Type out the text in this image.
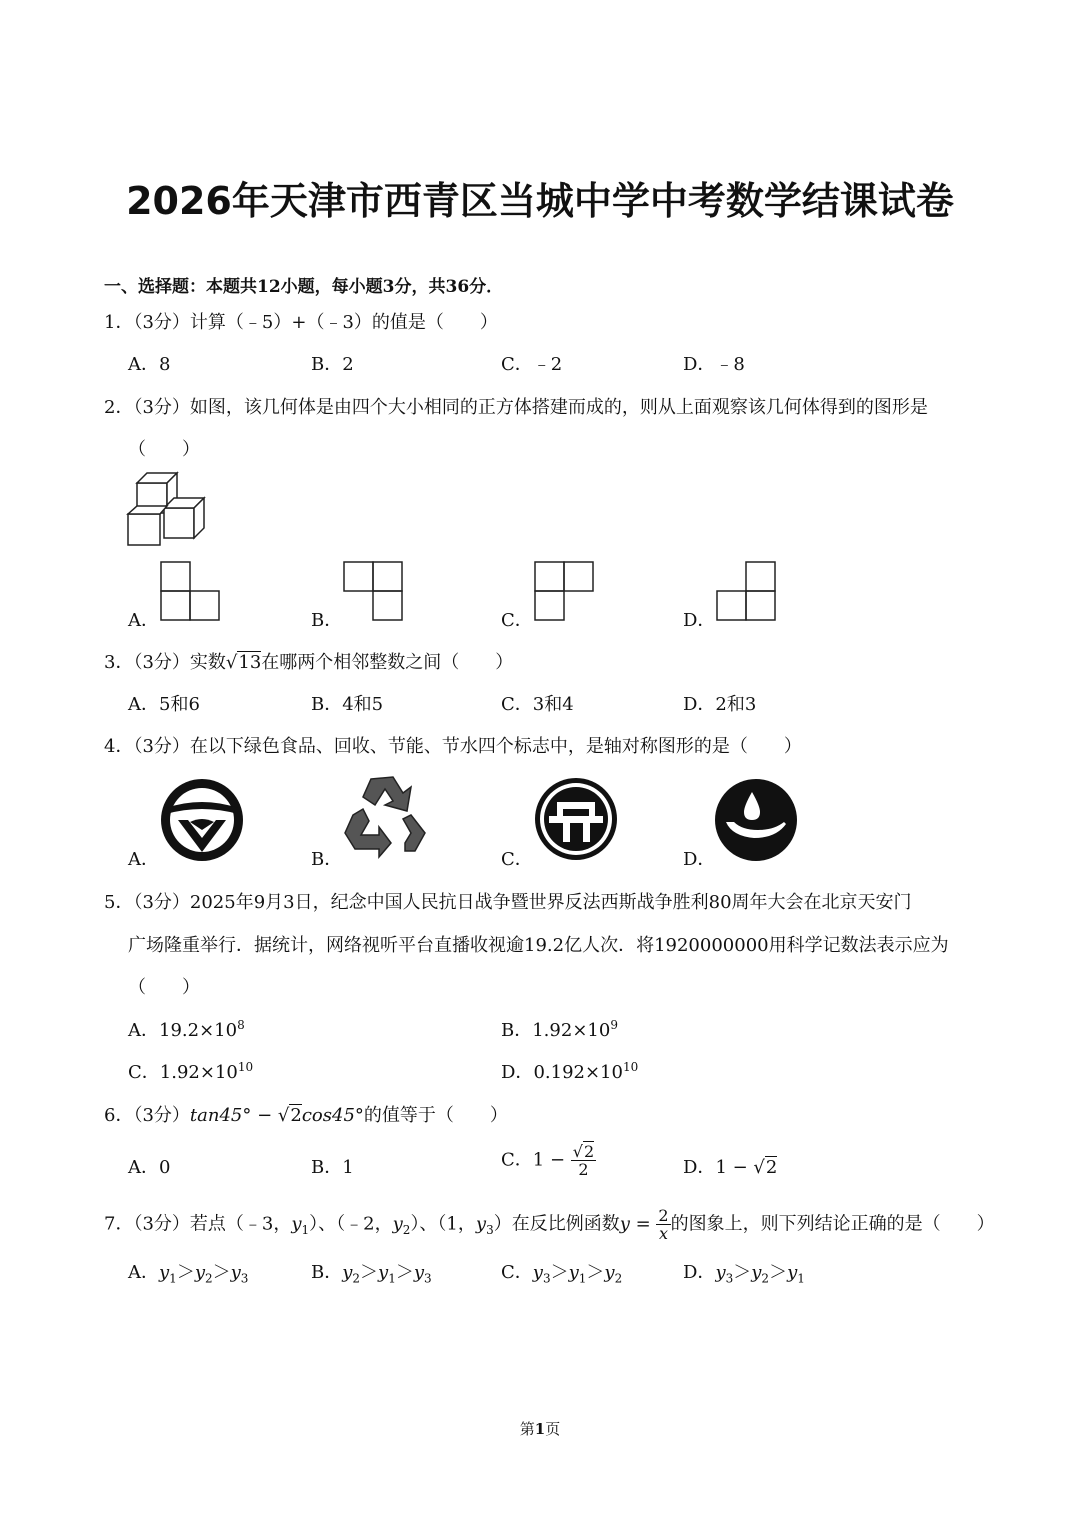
2026年天津市西青区当城中学中考数学结课试卷
一、选择题：本题共12小题，每小题3分，共36分．
1．（3分）计算（﹣5）+（﹣3）的值是（　　）
A．8	B．2	C．﹣2	D．﹣8
2．（3分）如图，该几何体是由四个大小相同的正方体搭建而成的，则从上面观察该几何体得到的图形是
（　　）
A．	B．	C．	D．
3．（3分）实数√13在哪两个相邻整数之间（　　）
A．5和6	B．4和5	C．3和4	D．2和3
4．（3分）在以下绿色食品、回收、节能、节水四个标志中，是轴对称图形的是（　　）
A．	B．	C．	D．
5．（3分）2025年9月3日，纪念中国人民抗日战争暨世界反法西斯战争胜利80周年大会在北京天安门
广场隆重举行．据统计，网络视听平台直播收视逾19.2亿人次．将1920000000用科学记数法表示应为
（　　）
A．$19.2\times 10^8$	B．$1.92\times 10^9$
C．$1.92\times 10^{10}$	D．$0.192\times 10^{10}$
6．（3分）tan45° − √2cos45°的值等于（　　）
A．0	B．1	C．$1 - \frac{√2}{2}$	D．1 − √2
7．（3分）若点（﹣3，$y_1$）、（﹣2，$y_2$）、（1，$y_3$）在反比例函数$y = \frac{2}{x}$ 的图象上，则下列结论正确的是（　　）
A．$y_1>y_2>y_3$	B．$y_2>y_1>y_3$	C．$y_3>y_1>y_2$	D．$y_3>y_2>y_1$
第1页
